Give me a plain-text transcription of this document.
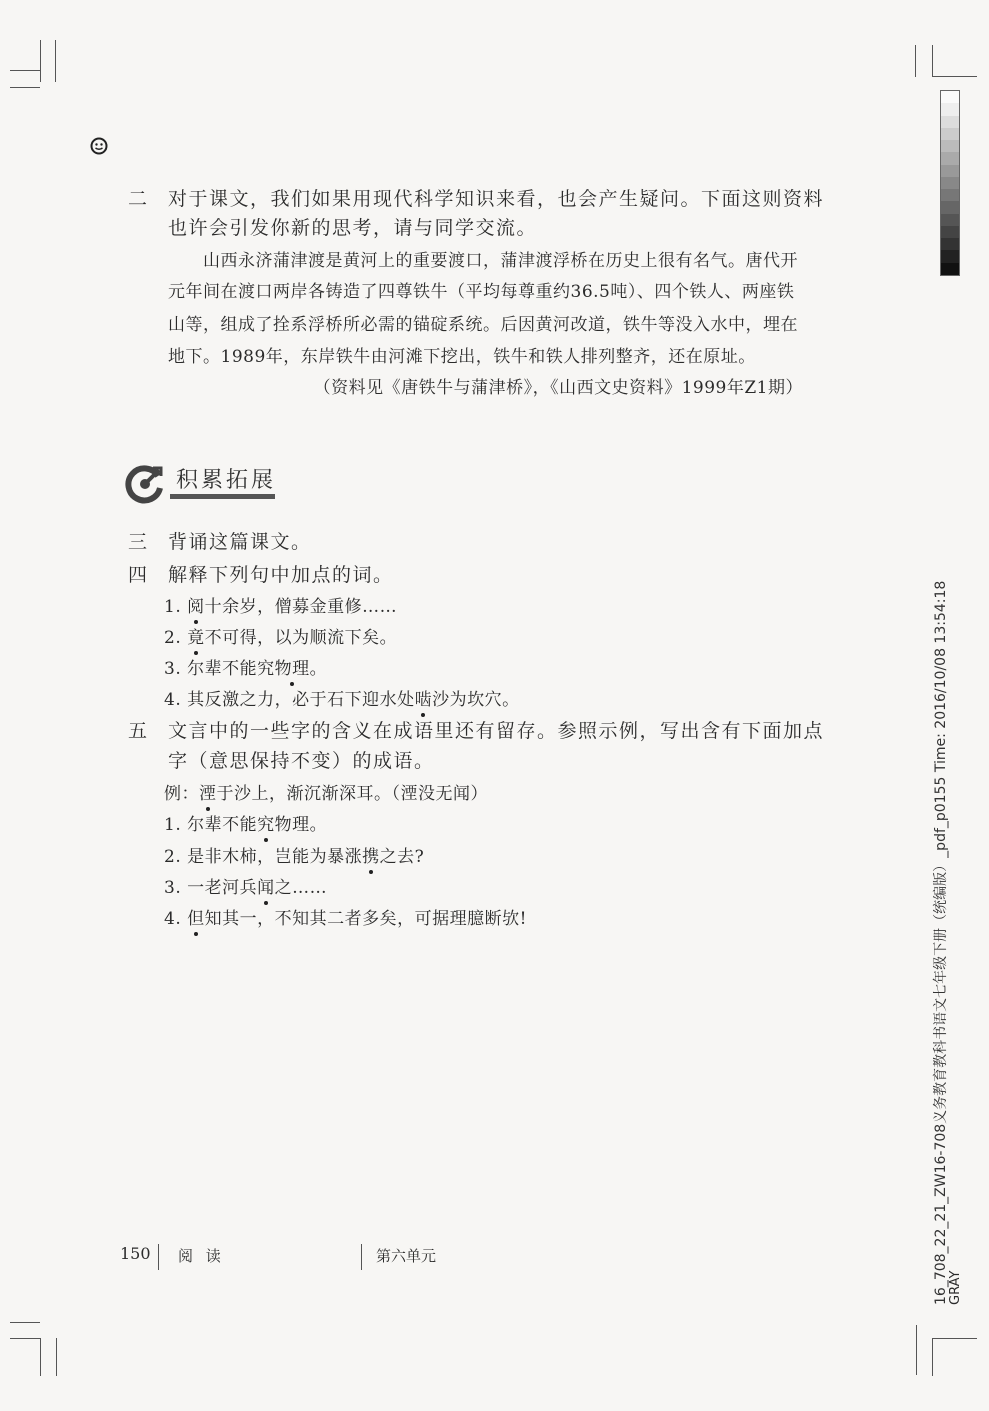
二 对于课文，我们如果用现代科学知识来看，也会产生疑问。下面这则资料
也许会引发你新的思考，请与同学交流。
山西永济蒲津渡是黄河上的重要渡口，蒲津渡浮桥在历史上很有名气。唐代开
元年间在渡口两岸各铸造了四尊铁牛（平均每尊重约36.5吨）、四个铁人、两座铁
山等，组成了拴系浮桥所必需的锚碇系统。后因黄河改道，铁牛等没入水中，埋在
地下。1989年，东岸铁牛由河滩下挖出，铁牛和铁人排列整齐，还在原址。
（资料见《唐铁牛与蒲津桥》，《山西文史资料》1999年Z1期）
积累拓展
三 背诵这篇课文。
四 解释下列句中加点的词。
1. 阅十余岁，僧募金重修……
2. 竟不可得，以为顺流下矣。
3. 尔辈不能究物理。
4. 其反激之力，必于石下迎水处啮沙为坎穴。
五 文言中的一些字的含义在成语里还有留存。参照示例，写出含有下面加点
字（意思保持不变）的成语。
例：湮于沙上，渐沉渐深耳。（湮没无闻）
1. 尔辈不能究物理。
2. 是非木柿，岂能为暴涨携之去?
3. 一老河兵闻之……
4. 但知其一，不知其二者多矣，可据理臆断欤!
150 阅 读	第六单元	16_708_22_21_ZW16-708义务教育教科书语文七年级下册（统编版）_pdf_p0155 Time: 2016/10/08 13:54:18 GRAY
